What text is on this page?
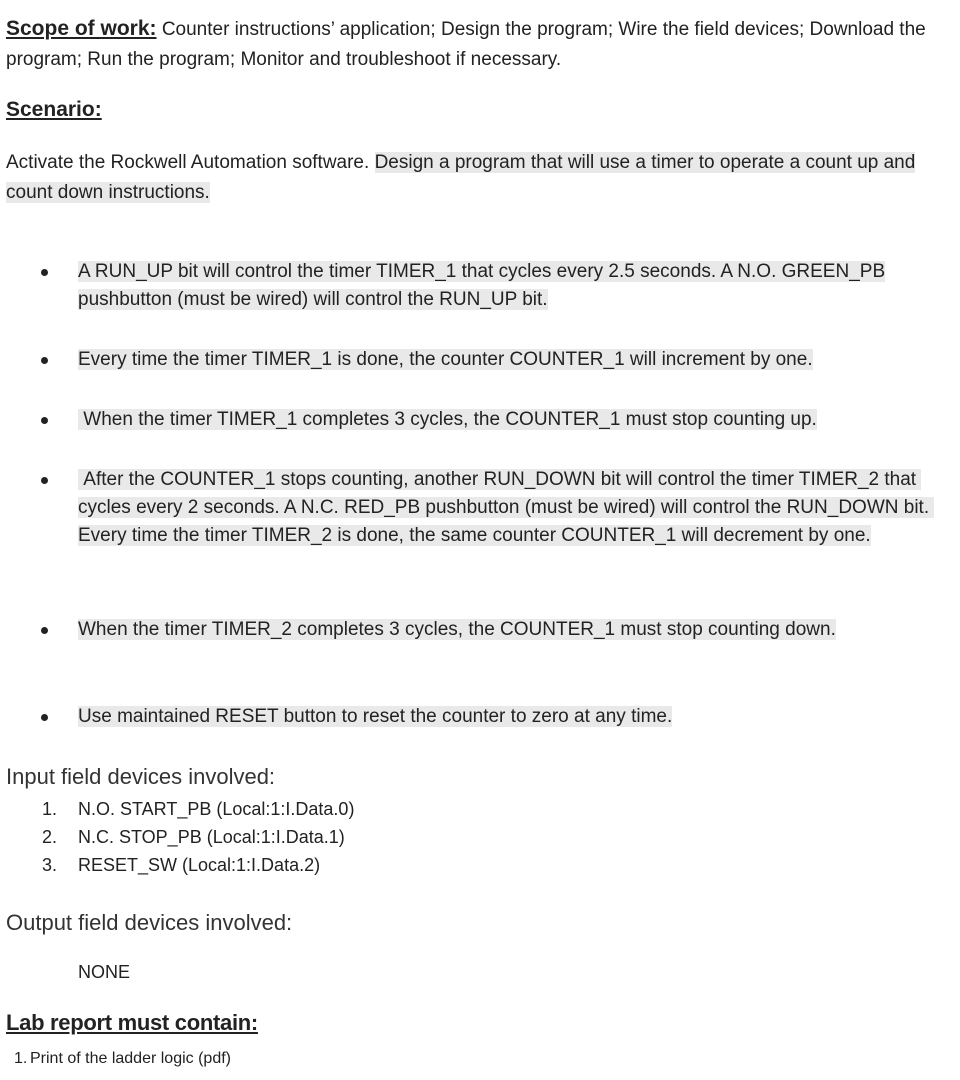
Scope of work: Counter instructions’ application; Design the program; Wire the field devices; Download the program; Run the program; Monitor and troubleshoot if necessary.
Scenario:
Activate the Rockwell Automation software. Design a program that will use a timer to operate a count up and count down instructions.
A RUN_UP bit will control the timer TIMER_1 that cycles every 2.5 seconds. A N.O. GREEN_PB pushbutton (must be wired) will control the RUN_UP bit.
Every time the timer TIMER_1 is done, the counter COUNTER_1 will increment by one.
When the timer TIMER_1 completes 3 cycles, the COUNTER_1 must stop counting up.
After the COUNTER_1 stops counting, another RUN_DOWN bit will control the timer TIMER_2 that cycles every 2 seconds. A N.C. RED_PB pushbutton (must be wired) will control the RUN_DOWN bit. Every time the timer TIMER_2 is done, the same counter COUNTER_1 will decrement by one.
When the timer TIMER_2 completes 3 cycles, the COUNTER_1 must stop counting down.
Use maintained RESET button to reset the counter to zero at any time.
Input field devices involved:
1. N.O. START_PB (Local:1:I.Data.0)
2. N.C. STOP_PB (Local:1:I.Data.1)
3. RESET_SW (Local:1:I.Data.2)
Output field devices involved:
NONE
Lab report must contain:
1. Print of the ladder logic (pdf)
